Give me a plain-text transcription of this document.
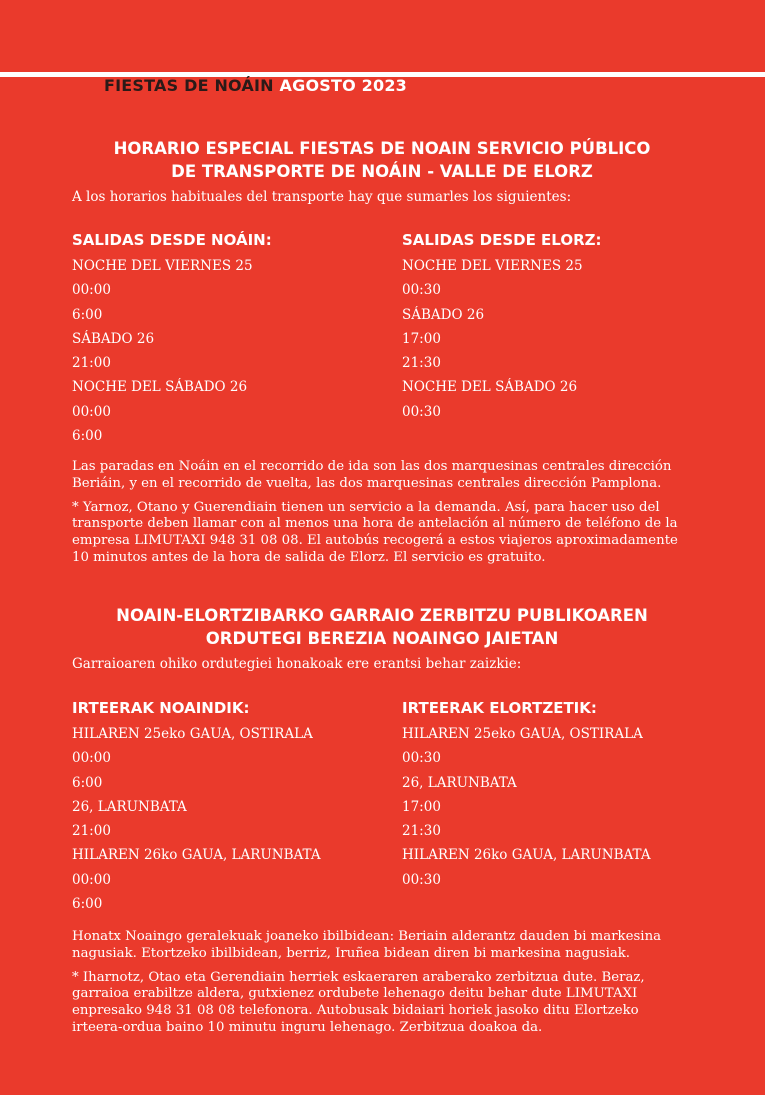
FIESTAS DE NOÁIN AGOSTO 2023
HORARIO ESPECIAL FIESTAS DE NOAIN SERVICIO PÚBLICO
DE TRANSPORTE DE NOÁIN - VALLE DE ELORZ
A los horarios habituales del transporte hay que sumarles los siguientes:
SALIDAS DESDE NOÁIN:
NOCHE DEL VIERNES 25
00:00
6:00
SÁBADO 26
21:00
NOCHE DEL SÁBADO 26
00:00
6:00
SALIDAS DESDE ELORZ:
NOCHE DEL VIERNES 25
00:30
SÁBADO 26
17:00
21:30
NOCHE DEL SÁBADO 26
00:30

Las paradas en Noáin en el recorrido de ida son las dos marquesinas centrales dirección Beriáin, y en el recorrido de vuelta, las dos marquesinas centrales dirección Pamplona.

* Yarnoz, Otano y Guerendiain tienen un servicio a la demanda. Así, para hacer uso del transporte deben llamar con al menos una hora de antelación al número de teléfono de la empresa LIMUTAXI 948 31 08 08. El autobús recogerá a estos viajeros aproximadamente 10 minutos antes de la hora de salida de Elorz. El servicio es gratuito.

NOAIN-ELORTZIBARKO GARRAIO ZERBITZU PUBLIKOAREN
ORDUTEGI BEREZIA NOAINGO JAIETAN
Garraioaren ohiko ordutegiei honakoak ere erantsi behar zaizkie:
IRTEERAK NOAINDIK:
HILAREN 25eko GAUA, OSTIRALA
00:00
6:00
26, LARUNBATA
21:00
HILAREN 26ko GAUA, LARUNBATA
00:00
6:00
IRTEERAK ELORTZETIK:
HILAREN 25eko GAUA, OSTIRALA
00:30
26, LARUNBATA
17:00
21:30
HILAREN 26ko GAUA, LARUNBATA
00:30

Honatx Noaingo geralekuak joaneko ibilbidean: Beriain alderantz dauden bi markesina nagusiak. Etortzeko ibilbidean, berriz, Iruñea bidean diren bi markesina nagusiak.

* Iharnotz, Otao eta Gerendiain herriek eskaeraren araberako zerbitzua dute. Beraz, garraioa erabiltze aldera, gutxienez ordubete lehenago deitu behar dute LIMUTAXI enpresako 948 31 08 08 telefonora. Autobusak bidaiari horiek jasoko ditu Elortzeko irteera-ordua baino 10 minutu inguru lehenago. Zerbitzua doakoa da.
